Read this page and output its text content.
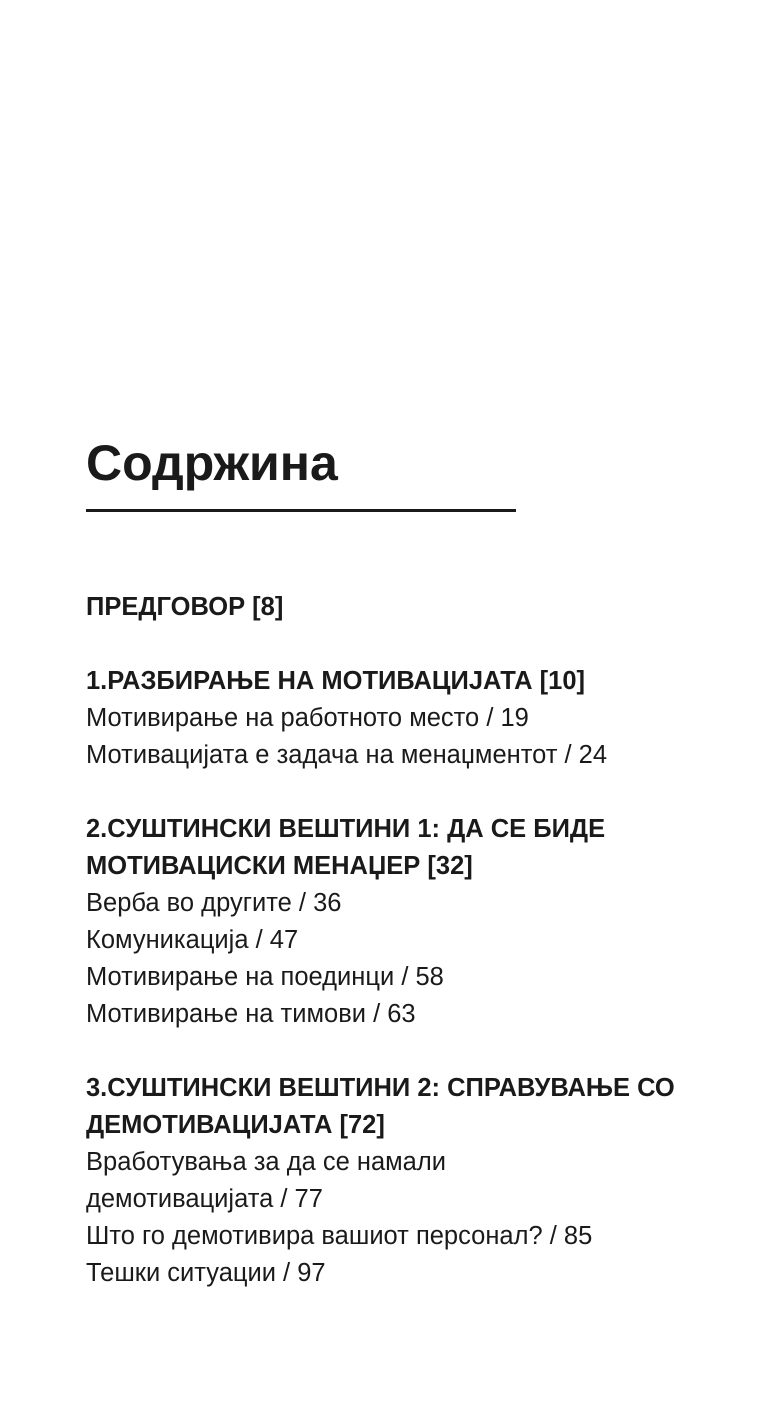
Содржина
ПРЕДГОВОР [8]
1.РАЗБИРАЊЕ НА МОТИВАЦИЈАТА [10]
Мотивирање на работното место / 19
Мотивацијата е задача на менаџментот / 24
2.СУШТИНСКИ ВЕШТИНИ 1: ДА СЕ БИДЕ
МОТИВАЦИСКИ МЕНАЏЕР [32]
Верба во другите / 36
Комуникација / 47
Мотивирање на поединци / 58
Мотивирање на тимови / 63
3.СУШТИНСКИ ВЕШТИНИ 2: СПРАВУВАЊЕ СО
ДЕМОТИВАЦИЈАТА [72]
Вработувања за да се намали
демотивацијата / 77
Што го демотивира вашиот персонал? / 85
Тешки ситуации / 97
